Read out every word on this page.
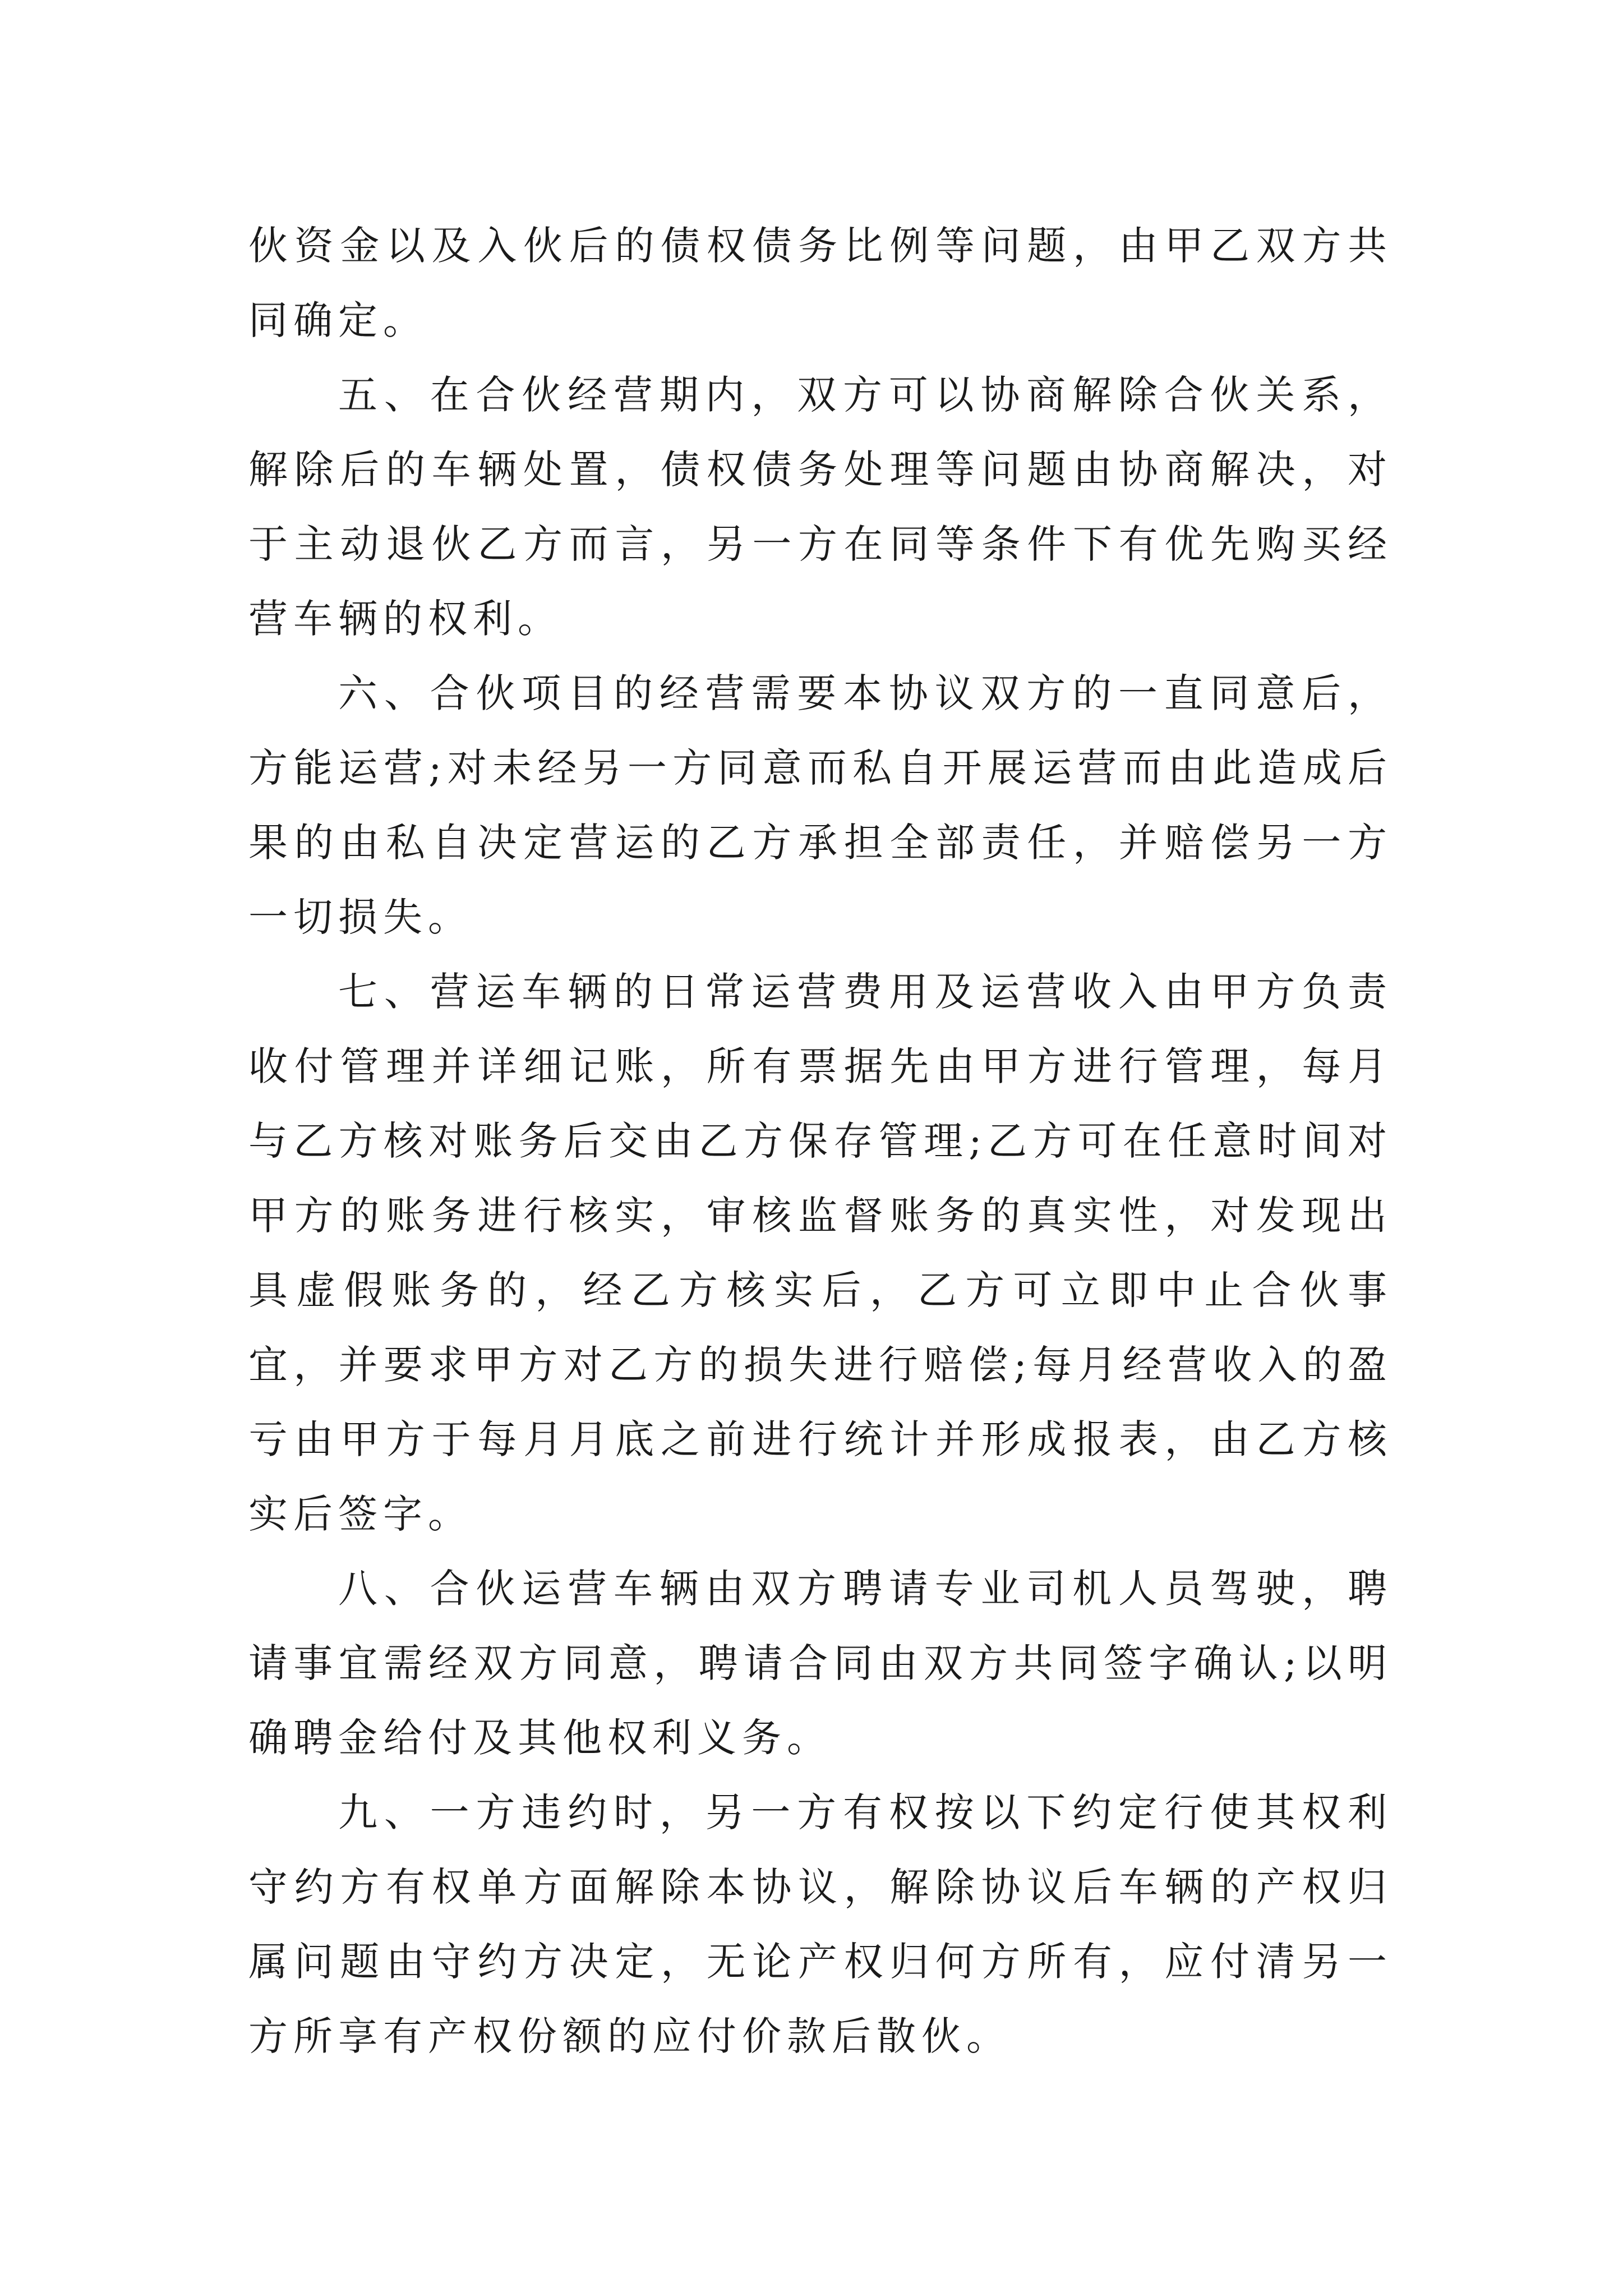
伙资金以及入伙后的债权债务比例等问题，由甲乙双方共同确定。

五、在合伙经营期内，双方可以协商解除合伙关系，解除后的车辆处置，债权债务处理等问题由协商解决，对于主动退伙乙方而言，另一方在同等条件下有优先购买经营车辆的权利。

六、合伙项目的经营需要本协议双方的一直同意后，方能运营;对未经另一方同意而私自开展运营而由此造成后果的由私自决定营运的乙方承担全部责任，并赔偿另一方一切损失。

七、营运车辆的日常运营费用及运营收入由甲方负责收付管理并详细记账，所有票据先由甲方进行管理，每月与乙方核对账务后交由乙方保存管理;乙方可在任意时间对甲方的账务进行核实，审核监督账务的真实性，对发现出具虚假账务的，经乙方核实后，乙方可立即中止合伙事宜，并要求甲方对乙方的损失进行赔偿;每月经营收入的盈亏由甲方于每月月底之前进行统计并形成报表，由乙方核实后签字。

八、合伙运营车辆由双方聘请专业司机人员驾驶，聘请事宜需经双方同意，聘请合同由双方共同签字确认;以明确聘金给付及其他权利义务。

九、一方违约时，另一方有权按以下约定行使其权利守约方有权单方面解除本协议，解除协议后车辆的产权归属问题由守约方决定，无论产权归何方所有，应付清另一方所享有产权份额的应付价款后散伙。
